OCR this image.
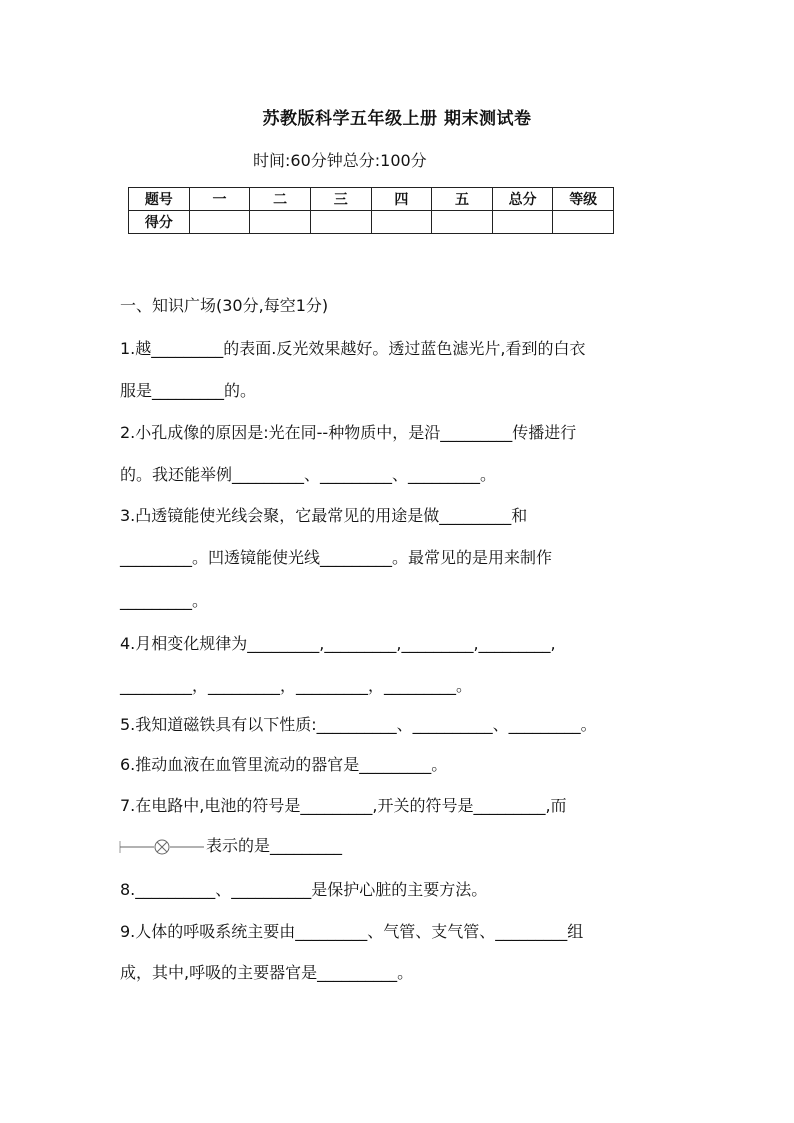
苏教版科学五年级上册 期末测试卷
时间:60分钟总分:100分
题号	一	二	三	四	五	总分	等级
得分							
一、知识广场(30分,每空1分)
1.越_________的表面.反光效果越好。透过蓝色滤光片,看到的白衣
服是_________的。
2.小孔成像的原因是:光在同--种物质中，是沿_________传播进行
的。我还能举例_________、_________、_________。
3.凸透镜能使光线会聚，它最常见的用途是做_________和
_________。凹透镜能使光线_________。最常见的是用来制作
_________。
4.月相变化规律为_________,_________,_________,_________,
_________，_________，_________，_________。
5.我知道磁铁具有以下性质:__________、__________、_________。
6.推动血液在血管里流动的器官是_________。
7.在电路中,电池的符号是_________,开关的符号是_________,而
表示的是_________
8.__________、__________是保护心脏的主要方法。
9.人体的呼吸系统主要由_________、气管、支气管、_________组
成，其中,呼吸的主要器官是__________。
